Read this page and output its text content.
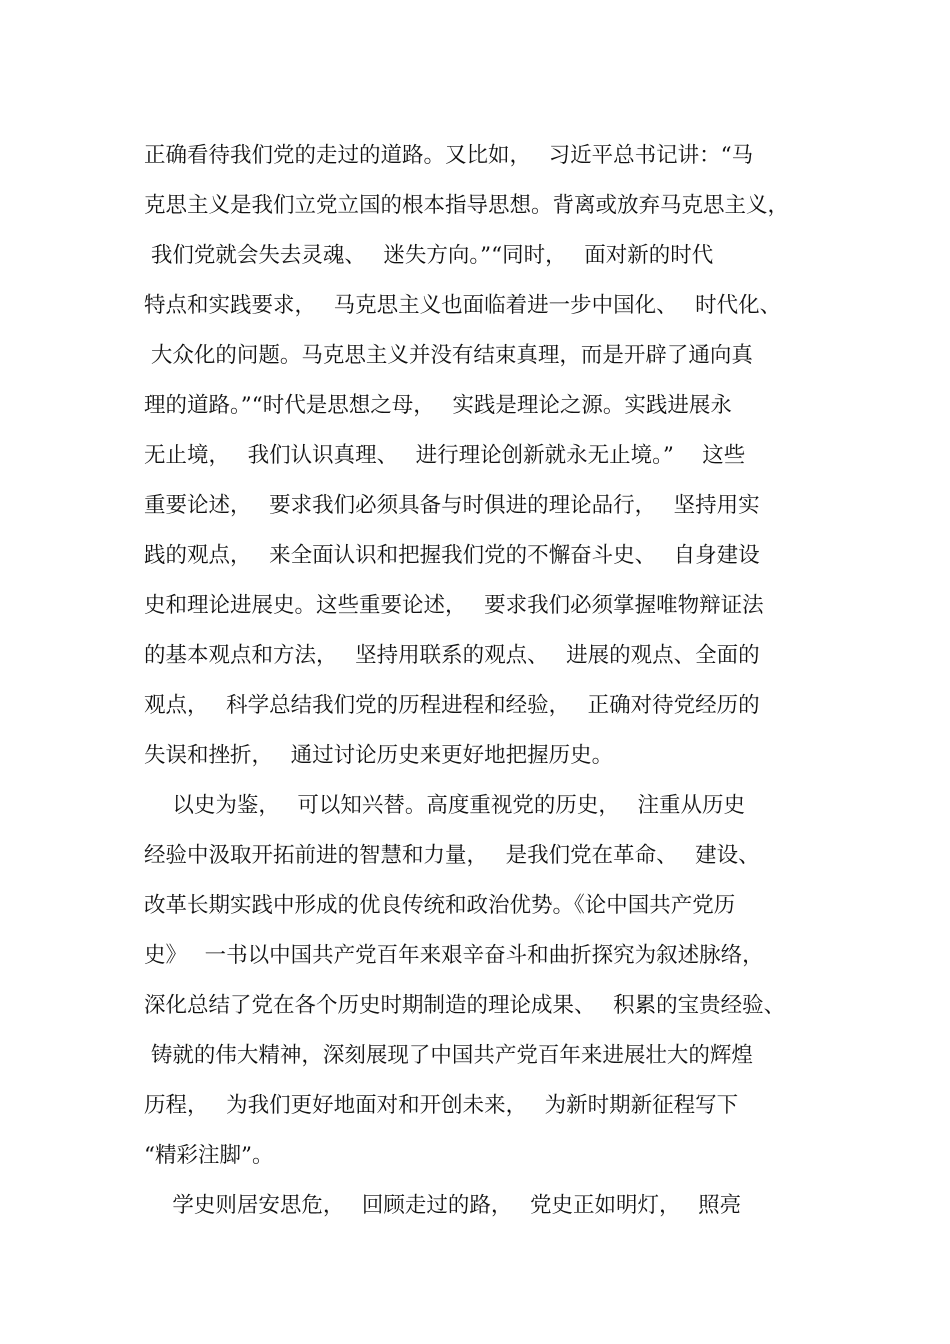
正确看待我们党的走过的道路。又比如，　 习近平总书记讲：“马
克思主义是我们立党立国的根本指导思想。背离或放弃马克思主义，
我们党就会失去灵魂、　 迷失方向。”“同时，　 面对新的时代
特点和实践要求，　 马克思主义也面临着进一步中国化、　 时代化、
大众化的问题。马克思主义并没有结束真理，而是开辟了通向真
理的道路。”“时代是思想之母，　 实践是理论之源。实践进展永
无止境，　 我们认识真理、　 进行理论创新就永无止境。”　 这些
重要论述，　 要求我们必须具备与时俱进的理论品行，　 坚持用实
践的观点，　 来全面认识和把握我们党的不懈奋斗史、　 自身建设
史和理论进展史。这些重要论述，　 要求我们必须掌握唯物辩证法
的基本观点和方法，　 坚持用联系的观点、　 进展的观点、全面的
观点，　 科学总结我们党的历程进程和经验，　 正确对待党经历的
失误和挫折，　 通过讨论历史来更好地把握历史。
　 以史为鉴，　 可以知兴替。高度重视党的历史，　 注重从历史
经验中汲取开拓前进的智慧和力量，　 是我们党在革命、　 建设、
改革长期实践中形成的优良传统和政治优势。《论中国共产党历
史》　 一书以中国共产党百年来艰辛奋斗和曲折探究为叙述脉络，
深化总结了党在各个历史时期制造的理论成果、　 积累的宝贵经验、
铸就的伟大精神，深刻展现了中国共产党百年来进展壮大的辉煌
历程，　 为我们更好地面对和开创未来，　 为新时期新征程写下
“精彩注脚”。
　 学史则居安思危，　 回顾走过的路，　 党史正如明灯，　 照亮
